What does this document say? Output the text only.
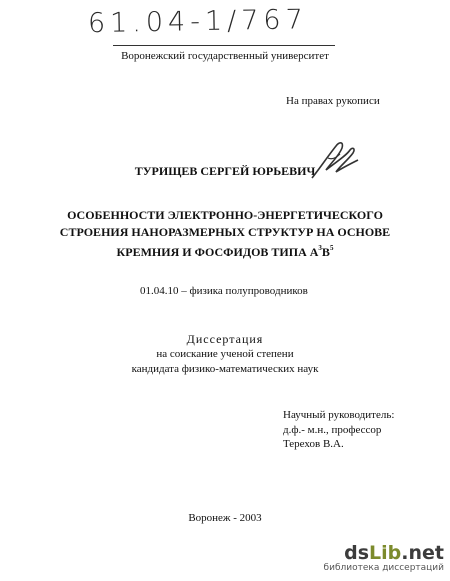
61.04-1/767
Воронежский государственный университет
На правах рукописи
ТУРИЩЕВ СЕРГЕЙ ЮРЬЕВИЧ
ОСОБЕННОСТИ ЭЛЕКТРОННО-ЭНЕРГЕТИЧЕСКОГО
СТРОЕНИЯ НАНОРАЗМЕРНЫХ СТРУКТУР НА ОСНОВЕ
КРЕМНИЯ И ФОСФИДОВ ТИПА $А^3В^5$
01.04.10 – физика полупроводников
Диссертация
на соискание ученой степени
кандидата физико-математических наук
Научный руководитель:
д.ф.- м.н., профессор
Терехов В.А.
Воронеж - 2003
dsLib.net
библиотека диссертаций
